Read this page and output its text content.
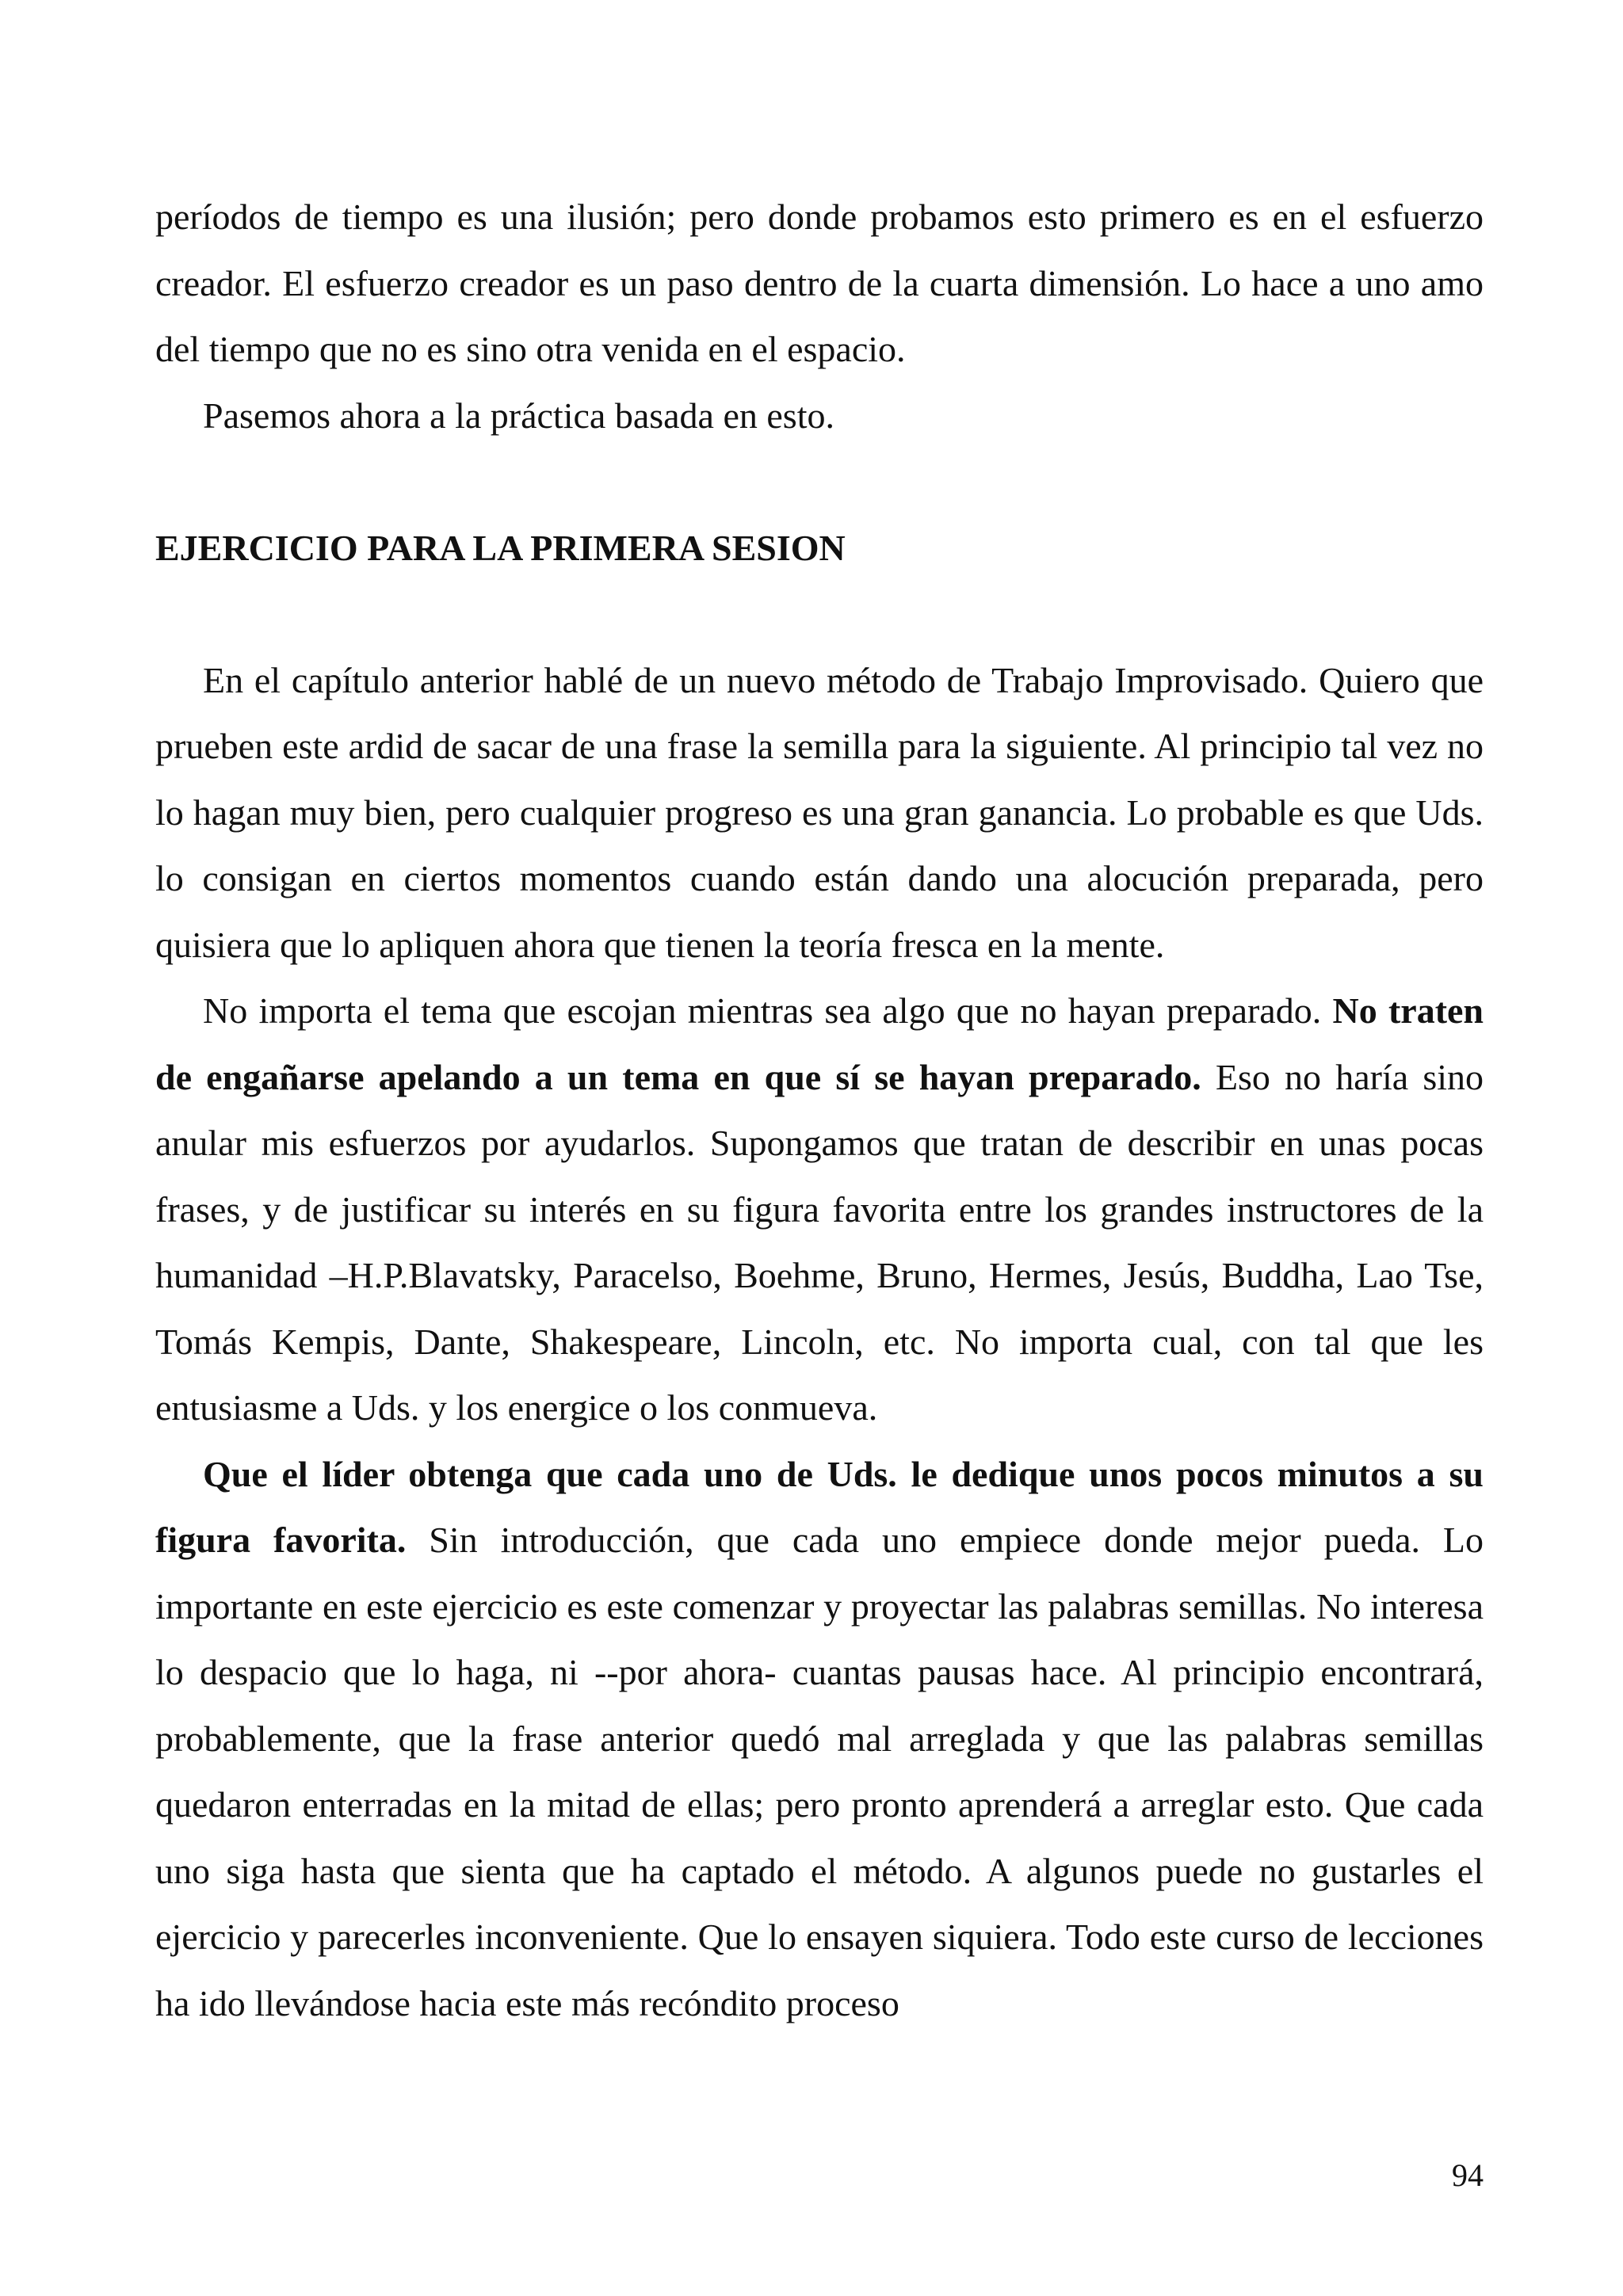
períodos de tiempo es una ilusión; pero donde probamos esto primero es en el esfuerzo creador. El esfuerzo creador es un paso dentro de la cuarta dimensión. Lo hace a uno amo del tiempo que no es sino otra venida en el espacio.

Pasemos ahora a la práctica basada en esto.

EJERCICIO PARA LA PRIMERA SESION

En el capítulo anterior hablé de un nuevo método de Trabajo Improvisado. Quiero que prueben este ardid de sacar de una frase la semilla para la siguiente. Al principio tal vez no lo hagan muy bien, pero cualquier progreso es una gran ganancia. Lo probable es que Uds. lo consigan en ciertos momentos cuando están dando una alocución preparada, pero quisiera que lo apliquen ahora que tienen la teoría fresca en la mente.

No importa el tema que escojan mientras sea algo que no hayan preparado. No traten de engañarse apelando a un tema en que sí se hayan preparado. Eso no haría sino anular mis esfuerzos por ayudarlos. Supongamos que tratan de describir en unas pocas frases, y de justificar su interés en su figura favorita entre los grandes instructores de la humanidad –H.P.Blavatsky, Paracelso, Boehme, Bruno, Hermes, Jesús, Buddha, Lao Tse, Tomás Kempis, Dante, Shakespeare, Lincoln, etc. No importa cual, con tal que les entusiasme a Uds. y los energice o los conmueva.

Que el líder obtenga que cada uno de Uds. le dedique unos pocos minutos a su figura favorita. Sin introducción, que cada uno empiece donde mejor pueda. Lo importante en este ejercicio es este comenzar y proyectar las palabras semillas. No interesa lo despacio que lo haga, ni --por ahora- cuantas pausas hace. Al principio encontrará, probablemente, que la frase anterior quedó mal arreglada y que las palabras semillas quedaron enterradas en la mitad de ellas; pero pronto aprenderá a arreglar esto. Que cada uno siga hasta que sienta que ha captado el método. A algunos puede no gustarles el ejercicio y parecerles inconveniente. Que lo ensayen siquiera. Todo este curso de lecciones ha ido llevándose hacia este más recóndito proceso

94
